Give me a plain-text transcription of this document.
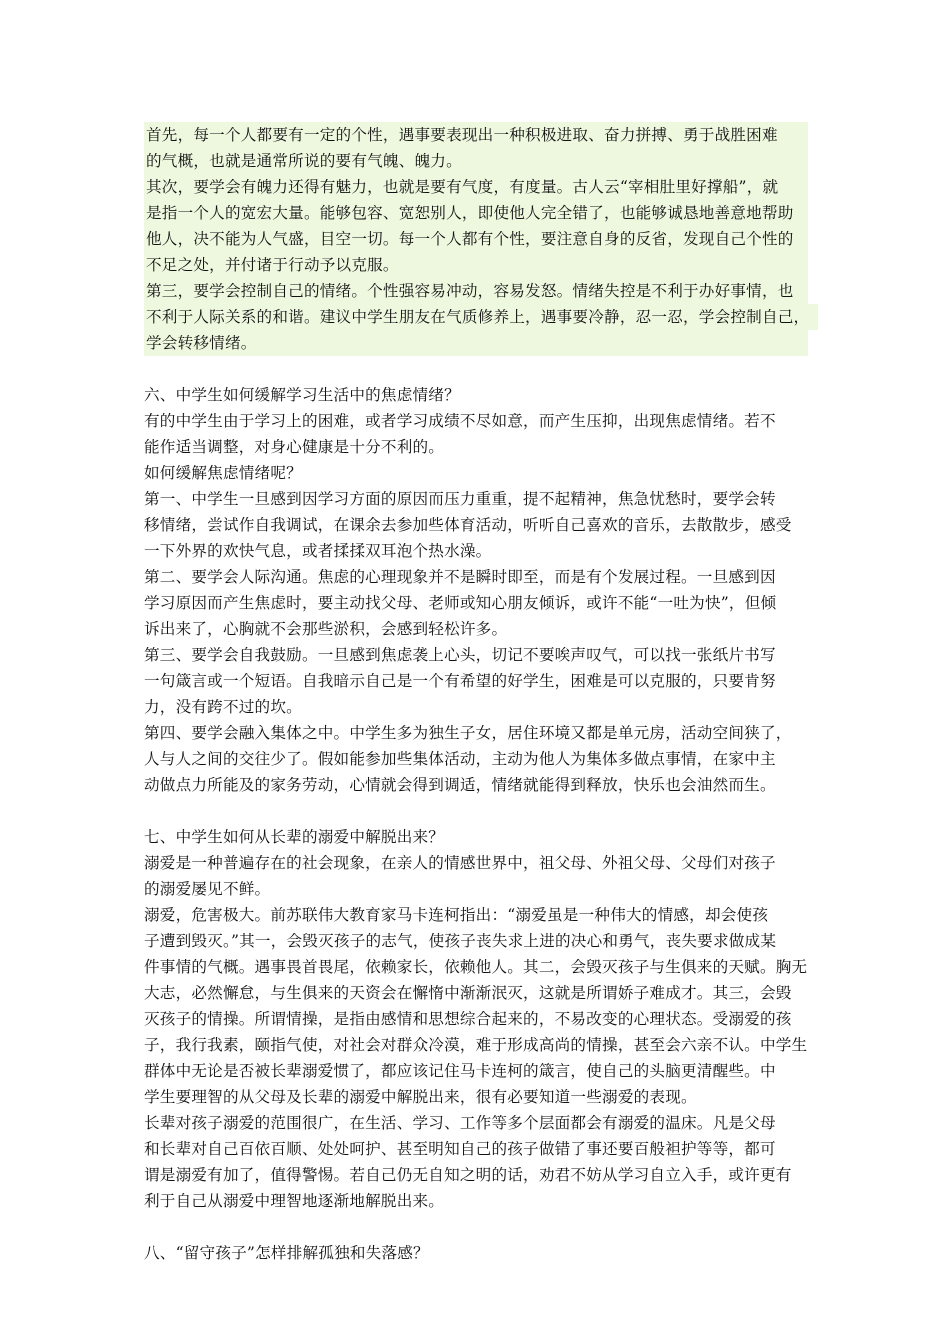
首先，每一个人都要有一定的个性，遇事要表现出一种积极进取、奋力拼搏、勇于战胜困难
的气概，也就是通常所说的要有气魄、魄力。
其次，要学会有魄力还得有魅力，也就是要有气度，有度量。古人云“宰相肚里好撑船”，就
是指一个人的宽宏大量。能够包容、宽恕别人，即使他人完全错了，也能够诚恳地善意地帮助
他人，决不能为人气盛，目空一切。每一个人都有个性，要注意自身的反省，发现自己个性的
不足之处，并付诸于行动予以克服。
第三，要学会控制自己的情绪。个性强容易冲动，容易发怒。情绪失控是不利于办好事情，也
不利于人际关系的和谐。建议中学生朋友在气质修养上，遇事要冷静，忍一忍，学会控制自己，
学会转移情绪。
六、中学生如何缓解学习生活中的焦虑情绪？
有的中学生由于学习上的困难，或者学习成绩不尽如意，而产生压抑，出现焦虑情绪。若不
能作适当调整，对身心健康是十分不利的。
如何缓解焦虑情绪呢？
第一、中学生一旦感到因学习方面的原因而压力重重，提不起精神，焦急忧愁时，要学会转
移情绪，尝试作自我调试，在课余去参加些体育活动，听听自己喜欢的音乐，去散散步，感受
一下外界的欢快气息，或者揉揉双耳泡个热水澡。
第二、要学会人际沟通。焦虑的心理现象并不是瞬时即至，而是有个发展过程。一旦感到因
学习原因而产生焦虑时，要主动找父母、老师或知心朋友倾诉，或许不能“一吐为快”，但倾
诉出来了，心胸就不会那些淤积，会感到轻松许多。
第三、要学会自我鼓励。一旦感到焦虑袭上心头，切记不要唉声叹气，可以找一张纸片书写
一句箴言或一个短语。自我暗示自己是一个有希望的好学生，困难是可以克服的，只要肯努
力，没有跨不过的坎。
第四、要学会融入集体之中。中学生多为独生子女，居住环境又都是单元房，活动空间狭了，
人与人之间的交往少了。假如能参加些集体活动，主动为他人为集体多做点事情，在家中主
动做点力所能及的家务劳动，心情就会得到调适，情绪就能得到释放，快乐也会油然而生。
七、中学生如何从长辈的溺爱中解脱出来？
溺爱是一种普遍存在的社会现象，在亲人的情感世界中，祖父母、外祖父母、父母们对孩子
的溺爱屡见不鲜。
溺爱，危害极大。前苏联伟大教育家马卡连柯指出：“溺爱虽是一种伟大的情感，却会使孩
子遭到毁灭。”其一，会毁灭孩子的志气，使孩子丧失求上进的决心和勇气，丧失要求做成某
件事情的气概。遇事畏首畏尾，依赖家长，依赖他人。其二，会毁灭孩子与生俱来的天赋。胸无
大志，必然懈怠，与生俱来的天资会在懈惰中渐渐泯灭，这就是所谓娇子难成才。其三，会毁
灭孩子的情操。所谓情操，是指由感情和思想综合起来的，不易改变的心理状态。受溺爱的孩
子，我行我素，颐指气使，对社会对群众冷漠，难于形成高尚的情操，甚至会六亲不认。中学生
群体中无论是否被长辈溺爱惯了，都应该记住马卡连柯的箴言，使自己的头脑更清醒些。中
学生要理智的从父母及长辈的溺爱中解脱出来，很有必要知道一些溺爱的表现。
长辈对孩子溺爱的范围很广，在生活、学习、工作等多个层面都会有溺爱的温床。凡是父母
和长辈对自己百依百顺、处处呵护、甚至明知自己的孩子做错了事还要百般袒护等等，都可
谓是溺爱有加了，值得警惕。若自己仍无自知之明的话，劝君不妨从学习自立入手，或许更有
利于自己从溺爱中理智地逐渐地解脱出来。
八、“留守孩子”怎样排解孤独和失落感？
